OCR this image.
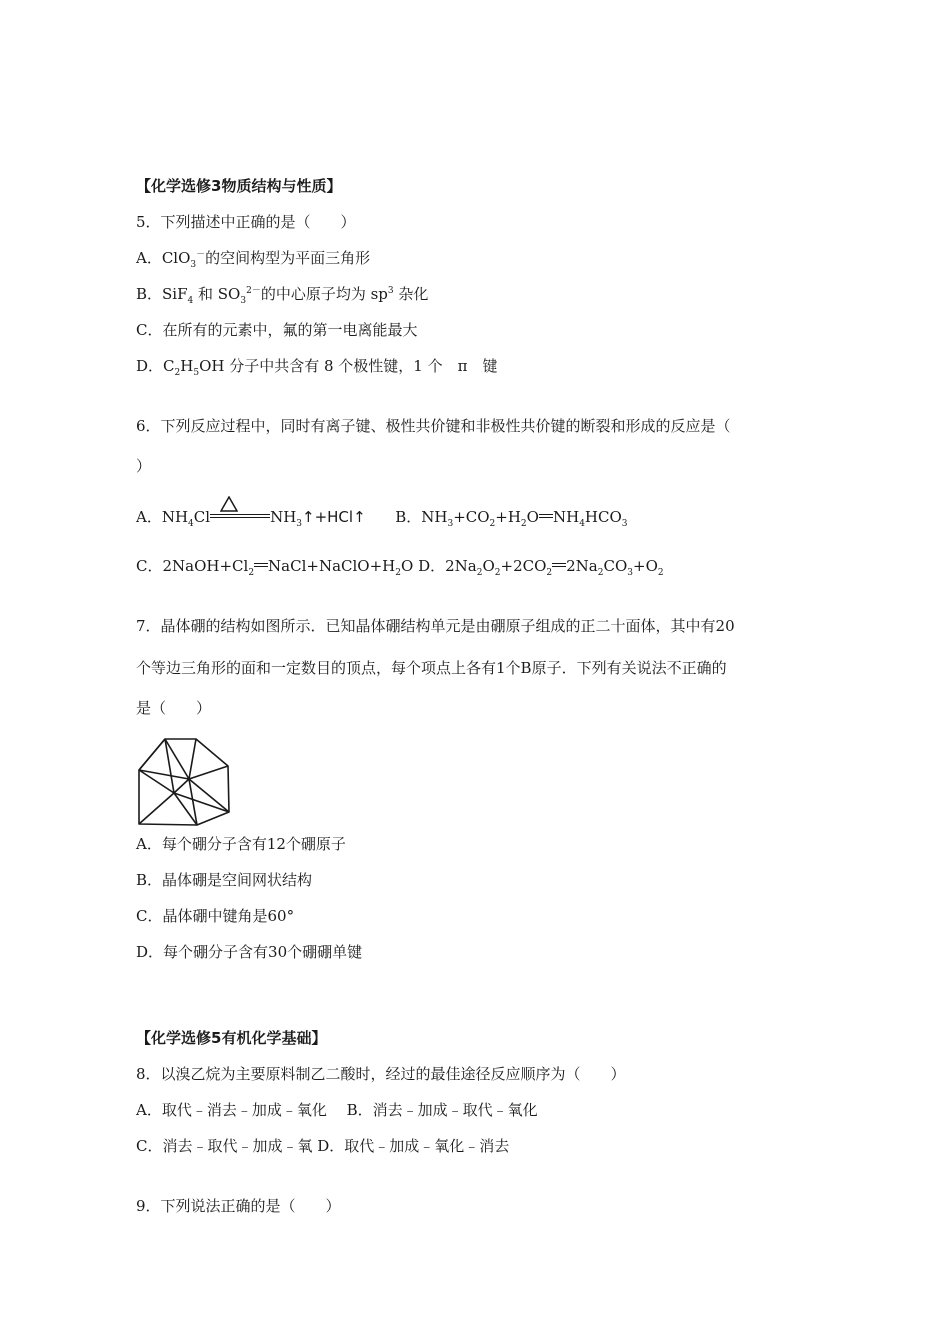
【化学选修3物质结构与性质】
5．下列描述中正确的是（　　）
A．ClO$_3$－的空间构型为平面三角形
B．SiF$_4$ 和 $SO_3^{2-}$的中心原子均为 $sp^3$ 杂化
C．在所有的元素中，氟的第一电离能最大
D．$C_2H_5OH$ 分子中共含有 8 个极性键，1 个　π　键
6．下列反应过程中，同时有离子键、极性共价键和非极性共价键的断裂和形成的反应是（
）
A．$NH_4Cl$	$NH_3↑+HCl↑$ B．$NH_3+CO_2+H_2O$ $NH_4HCO_3$
C．$2NaOH+Cl_2$ $NaCl+NaClO+H_2O$ D．$2Na_2O_2+2CO_2$ $2Na_2CO_3+O_2$
7．晶体硼的结构如图所示．已知晶体硼结构单元是由硼原子组成的正二十面体，其中有20
个等边三角形的面和一定数目的顶点，每个项点上各有1个B原子．下列有关说法不正确的
是（　　）
A．每个硼分子含有12个硼原子
B．晶体硼是空间网状结构
C．晶体硼中键角是60°
D．每个硼分子含有30个硼硼单键
【化学选修5有机化学基础】
8．以溴乙烷为主要原料制乙二酸时，经过的最佳途径反应顺序为（　　）
A．取代﹣消去﹣加成﹣氧化　 B．消去﹣加成﹣取代﹣氧化
C．消去﹣取代﹣加成﹣氧 D．取代﹣加成﹣氧化﹣消去
9．下列说法正确的是（　　）
